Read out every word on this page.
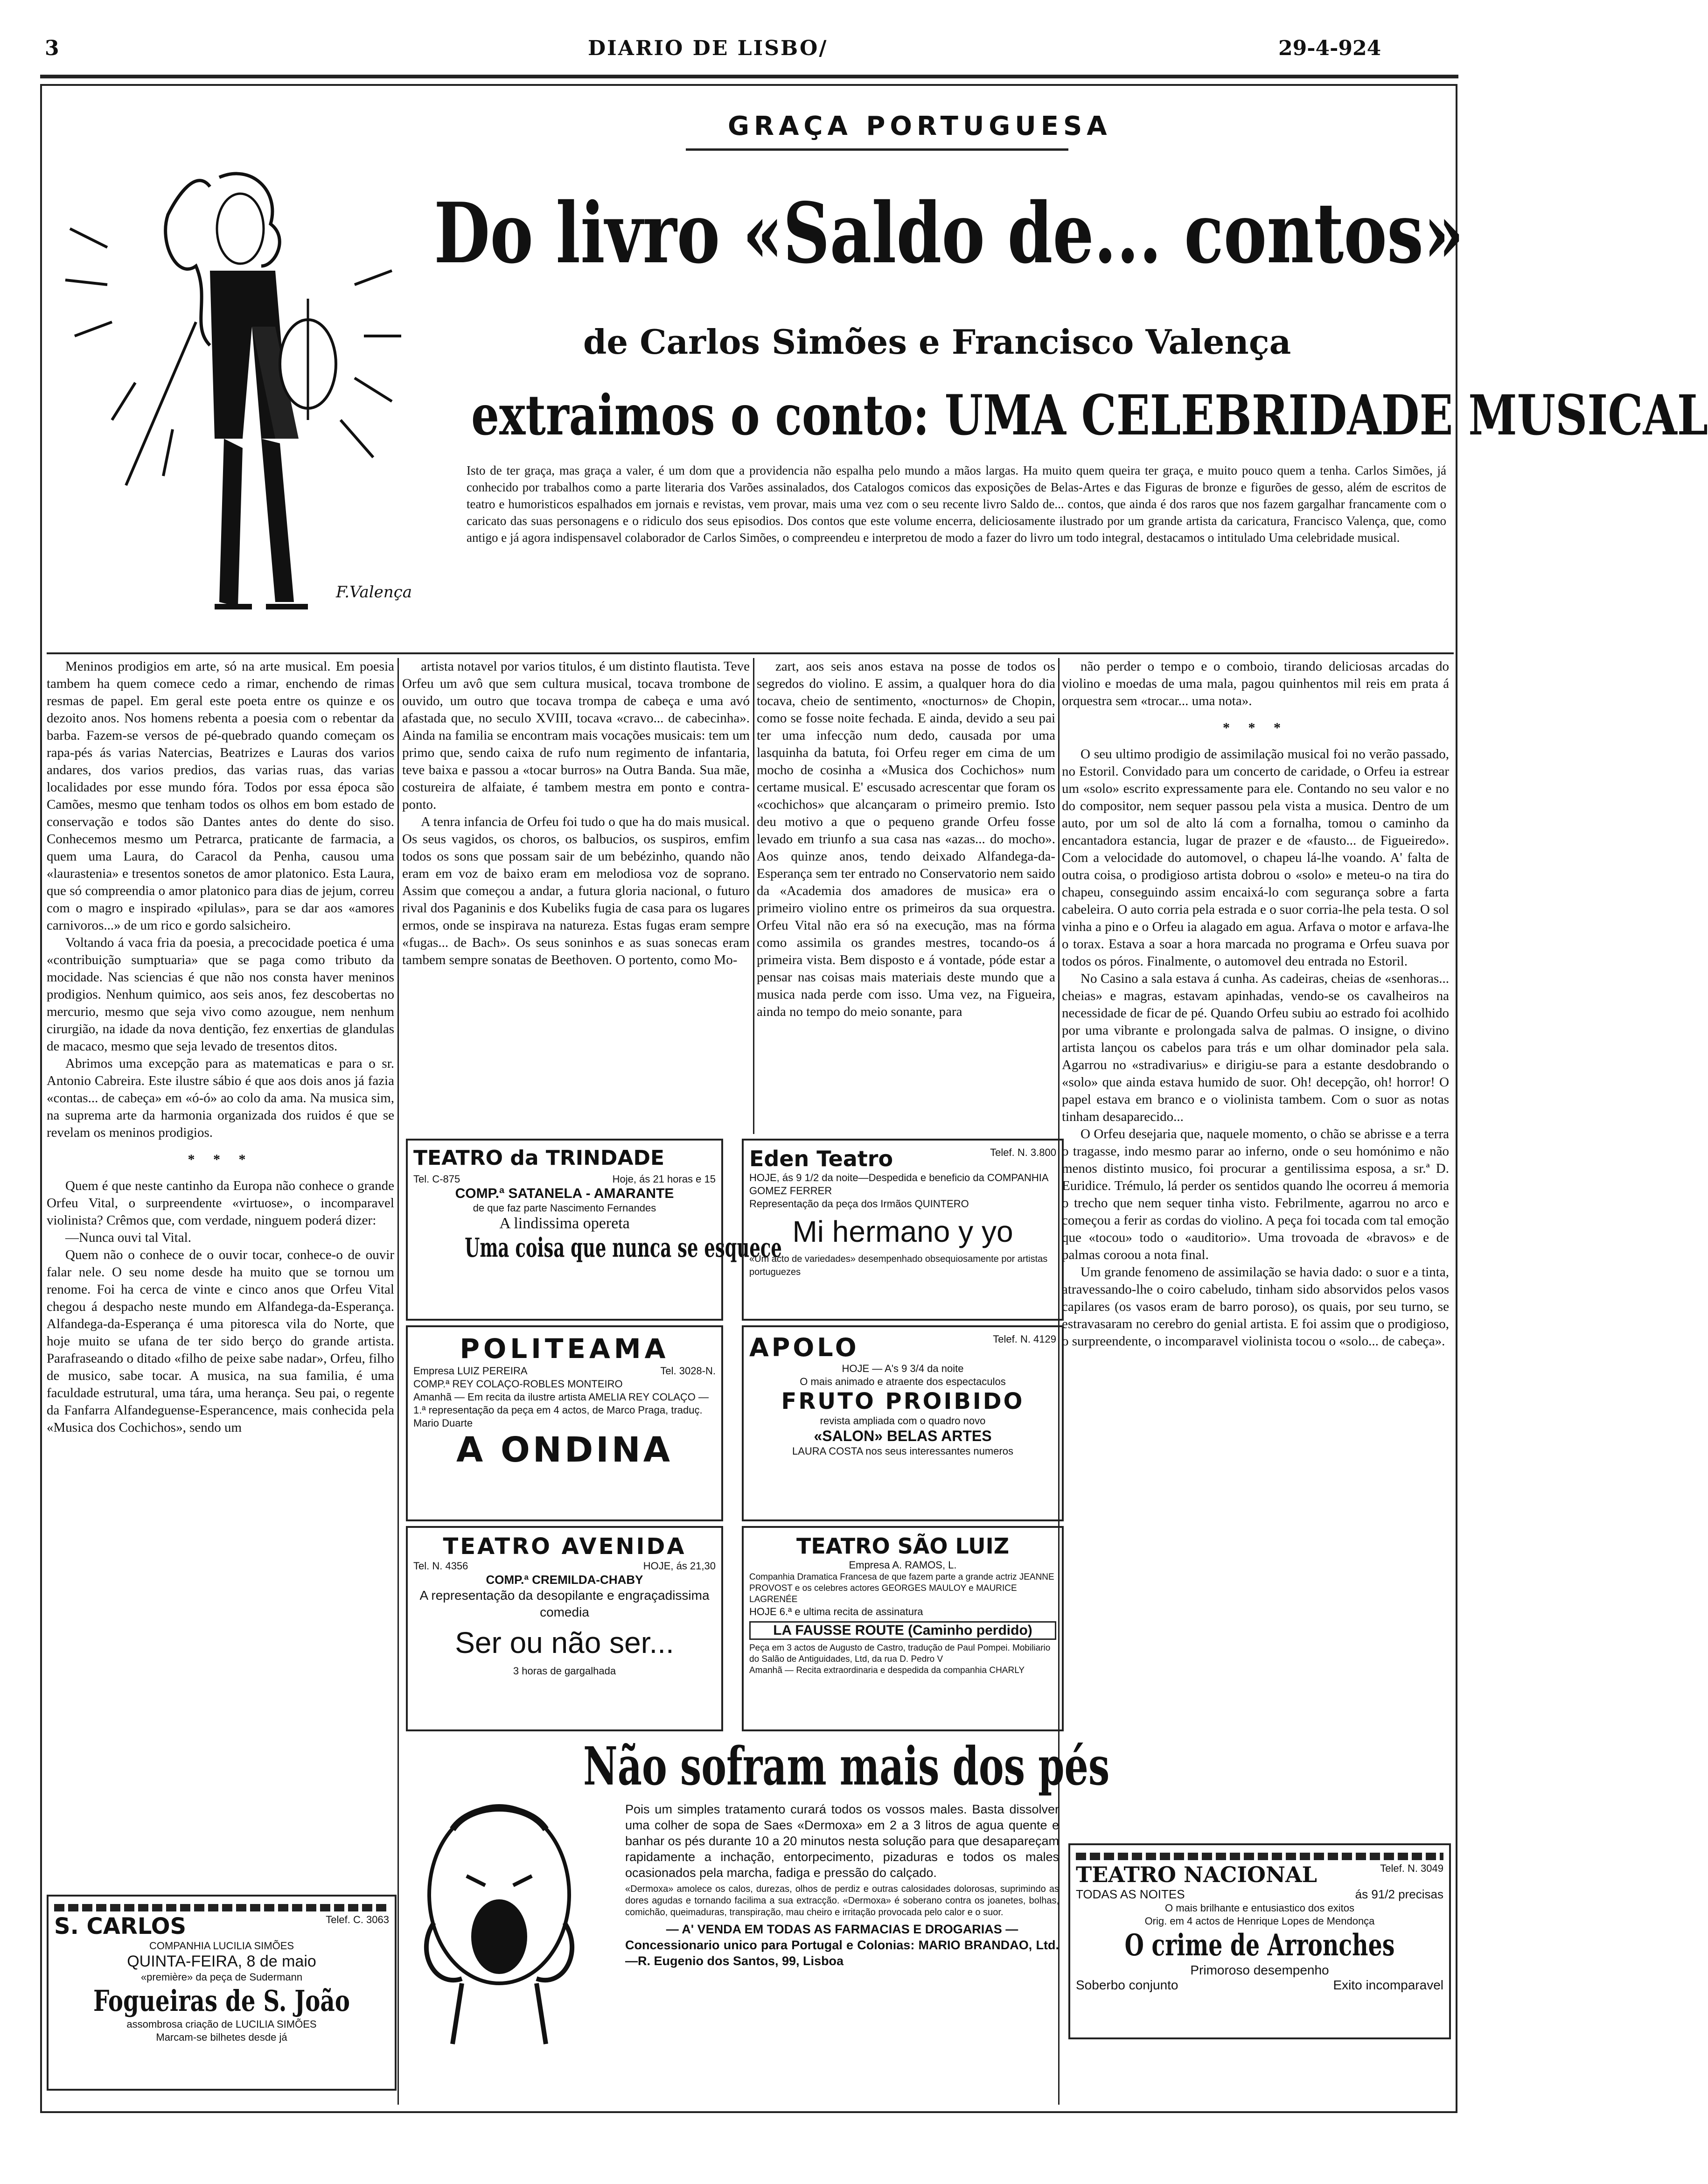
3	DIARIO DE LISBO/	29-4-924
GRAÇA PORTUGUESA
F.Valença
Do livro «Saldo de... contos»
de Carlos Simões e Francisco Valença
extraimos o conto: UMA CELEBRIDADE MUSICAL
Isto de ter graça, mas graça a valer, é um dom que a providencia não espalha pelo mundo a mãos largas. Ha muito quem queira ter graça, e muito pouco quem a tenha. Carlos Simões, já conhecido por trabalhos como a parte literaria dos Varões assinalados, dos Catalogos comicos das exposições de Belas-Artes e das Figuras de bronze e figurões de gesso, além de escritos de teatro e humoristicos espalhados em jornais e revistas, vem provar, mais uma vez com o seu recente livro Saldo de... contos, que ainda é dos raros que nos fazem gargalhar francamente com o caricato das suas personagens e o ridiculo dos seus episodios. Dos contos que este volume encerra, deliciosamente ilustrado por um grande artista da caricatura, Francisco Valença, que, como antigo e já agora indispensavel colaborador de Carlos Simões, o compreendeu e interpretou de modo a fazer do livro um todo integral, destacamos o intitulado Uma celebridade musical.

Meninos prodigios em arte, só na arte musical. Em poesia tambem ha quem comece cedo a rimar, enchendo de rimas resmas de papel. Em geral este poeta entre os quinze e os dezoito anos. Nos homens rebenta a poesia com o rebentar da barba. Fazem-se versos de pé-quebrado quando começam os rapa-pés ás varias Natercias, Beatrizes e Lauras dos varios andares, dos varios predios, das varias ruas, das varias localidades por esse mundo fóra. Todos por essa época são Camões, mesmo que tenham todos os olhos em bom estado de conservação e todos são Dantes antes do dente do siso. Conhecemos mesmo um Petrarca, praticante de farmacia, a quem uma Laura, do Caracol da Penha, causou uma «laurastenia» e tresentos sonetos de amor platonico. Esta Laura, que só compreendia o amor platonico para dias de jejum, correu com o magro e inspirado «pilulas», para se dar aos «amores carnivoros...» de um rico e gordo salsicheiro.

Voltando á vaca fria da poesia, a precocidade poetica é uma «contribuição sumptuaria» que se paga como tributo da mocidade. Nas sciencias é que não nos consta haver meninos prodigios. Nenhum quimico, aos seis anos, fez descobertas no mercurio, mesmo que seja vivo como azougue, nem nenhum cirurgião, na idade da nova dentição, fez enxertias de glandulas de macaco, mesmo que seja levado de tresentos ditos.

Abrimos uma excepção para as matematicas e para o sr. Antonio Cabreira. Este ilustre sábio é que aos dois anos já fazia «contas... de cabeça» em «ó-ó» ao colo da ama. Na musica sim, na suprema arte da harmonia organizada dos ruidos é que se revelam os meninos prodigios.

* * *

Quem é que neste cantinho da Europa não conhece o grande Orfeu Vital, o surpreendente «virtuose», o incomparavel violinista? Crêmos que, com verdade, ninguem poderá dizer:

—Nunca ouvi tal Vital.

Quem não o conhece de o ouvir tocar, conhece-o de ouvir falar nele. O seu nome desde ha muito que se tornou um renome. Foi ha cerca de vinte e cinco anos que Orfeu Vital chegou á despacho neste mundo em Alfandega-da-Esperança. Alfandega-da-Esperança é uma pitoresca vila do Norte, que hoje muito se ufana de ter sido berço do grande artista. Parafraseando o ditado «filho de peixe sabe nadar», Orfeu, filho de musico, sabe tocar. A musica, na sua familia, é uma faculdade estrutural, uma tára, uma herança. Seu pai, o regente da Fanfarra Alfandeguense-Esperancence, mais conhecida pela «Musica dos Cochichos», sendo um

artista notavel por varios titulos, é um distinto flautista. Teve Orfeu um avô que sem cultura musical, tocava trombone de ouvido, um outro que tocava trompa de cabeça e uma avó afastada que, no seculo XVIII, tocava «cravo... de cabecinha». Ainda na familia se encontram mais vocações musicais: tem um primo que, sendo caixa de rufo num regimento de infantaria, teve baixa e passou a «tocar burros» na Outra Banda. Sua mãe, costureira de alfaiate, é tambem mestra em ponto e contra-ponto.

A tenra infancia de Orfeu foi tudo o que ha do mais musical. Os seus vagidos, os choros, os balbucios, os suspiros, emfim todos os sons que possam sair de um bebézinho, quando não eram em voz de baixo eram em melodiosa voz de soprano. Assim que começou a andar, a futura gloria nacional, o futuro rival dos Paganinis e dos Kubeliks fugia de casa para os lugares ermos, onde se inspirava na natureza. Estas fugas eram sempre «fugas... de Bach». Os seus soninhos e as suas sonecas eram tambem sempre sonatas de Beethoven. O portento, como Mo-

zart, aos seis anos estava na posse de todos os segredos do violino. E assim, a qualquer hora do dia tocava, cheio de sentimento, «nocturnos» de Chopin, como se fosse noite fechada. E ainda, devido a seu pai ter uma infecção num dedo, causada por uma lasquinha da batuta, foi Orfeu reger em cima de um mocho de cosinha a «Musica dos Cochichos» num certame musical. E' escusado acrescentar que foram os «cochichos» que alcançaram o primeiro premio. Isto deu motivo a que o pequeno grande Orfeu fosse levado em triunfo a sua casa nas «azas... do mocho». Aos quinze anos, tendo deixado Alfandega-da-Esperança sem ter entrado no Conservatorio nem saido da «Academia dos amadores de musica» era o primeiro violino entre os primeiros da sua orquestra. Orfeu Vital não era só na execução, mas na fórma como assimila os grandes mestres, tocando-os á primeira vista. Bem disposto e á vontade, póde estar a pensar nas coisas mais materiais deste mundo que a musica nada perde com isso. Uma vez, na Figueira, ainda no tempo do meio sonante, para

não perder o tempo e o comboio, tirando deliciosas arcadas do violino e moedas de uma mala, pagou quinhentos mil reis em prata á orquestra sem «trocar... uma nota».

* * *

O seu ultimo prodigio de assimilação musical foi no verão passado, no Estoril. Convidado para um concerto de caridade, o Orfeu ia estrear um «solo» escrito expressamente para ele. Contando no seu valor e no do compositor, nem sequer passou pela vista a musica. Dentro de um auto, por um sol de alto lá com a fornalha, tomou o caminho da encantadora estancia, lugar de prazer e de «fausto... de Figueiredo». Com a velocidade do automovel, o chapeu lá-lhe voando. A' falta de outra coisa, o prodigioso artista dobrou o «solo» e meteu-o na tira do chapeu, conseguindo assim encaixá-lo com segurança sobre a farta cabeleira. O auto corria pela estrada e o suor corria-lhe pela testa. O sol vinha a pino e o Orfeu ia alagado em agua. Arfava o motor e arfava-lhe o torax. Estava a soar a hora marcada no programa e Orfeu suava por todos os póros. Finalmente, o automovel deu entrada no Estoril.

No Casino a sala estava á cunha. As cadeiras, cheias de «senhoras... cheias» e magras, estavam apinhadas, vendo-se os cavalheiros na necessidade de ficar de pé. Quando Orfeu subiu ao estrado foi acolhido por uma vibrante e prolongada salva de palmas. O insigne, o divino artista lançou os cabelos para trás e um olhar dominador pela sala. Agarrou no «stradivarius» e dirigiu-se para a estante desdobrando o «solo» que ainda estava humido de suor. Oh! decepção, oh! horror! O papel estava em branco e o violinista tambem. Com o suor as notas tinham desaparecido...

O Orfeu desejaria que, naquele momento, o chão se abrisse e a terra o tragasse, indo mesmo parar ao inferno, onde o seu homónimo e não menos distinto musico, foi procurar a gentilissima esposa, a sr.ª D. Euridice. Trémulo, lá perder os sentidos quando lhe ocorreu á memoria o trecho que nem sequer tinha visto. Febrilmente, agarrou no arco e começou a ferir as cordas do violino. A peça foi tocada com tal emoção que «tocou» todo o «auditorio». Uma trovoada de «bravos» e de palmas coroou a nota final.

Um grande fenomeno de assimilação se havia dado: o suor e a tinta, atravessando-lhe o coiro cabeludo, tinham sido absorvidos pelos vasos capilares (os vasos eram de barro poroso), os quais, por seu turno, se estravasaram no cerebro do genial artista. E foi assim que o prodigioso, o surpreendente, o incomparavel violinista tocou o «solo... de cabeça».

TEATRO da TRINDADE
Tel. C-875	Hoje, ás 21 horas e 15
COMP.ª SATANELA - AMARANTE
de que faz parte Nascimento Fernandes
A lindissima opereta
Uma coisa que nunca se esquece
Eden Teatro	Telef. N. 3.800
HOJE, ás 9 1/2 da noite—Despedida e beneficio da COMPANHIA GOMEZ FERRER
Representação da peça dos Irmãos QUINTERO
Mi hermano y yo
«Um acto de variedades» desempenhado obsequiosamente por artistas portuguezes
POLITEAMA
Empresa LUIZ PEREIRA	Tel. 3028-N.
COMP.ª REY COLAÇO-ROBLES MONTEIRO
Amanhã — Em recita da ilustre artista AMELIA REY COLAÇO — 1.ª representação da peça em 4 actos, de Marco Praga, traduç. Mario Duarte
A ONDINA
APOLO	Telef. N. 4129
HOJE — A's 9 3/4 da noite
O mais animado e atraente dos espectaculos
FRUTO PROIBIDO
revista ampliada com o quadro novo
«SALON» BELAS ARTES
LAURA COSTA nos seus interessantes numeros
TEATRO AVENIDA
Tel. N. 4356	HOJE, ás 21,30
COMP.ª CREMILDA-CHABY
A representação da desopilante e engraçadissima comedia
Ser ou não ser...
3 horas de gargalhada
TEATRO SÃO LUIZ
Empresa A. RAMOS, L.
Companhia Dramatica Francesa de que fazem parte a grande actriz JEANNE PROVOST e os celebres actores GEORGES MAULOY e MAURICE LAGRENÉE
HOJE 6.ª e ultima recita de assinatura
LA FAUSSE ROUTE (Caminho perdido)
Peça em 3 actos de Augusto de Castro, tradução de Paul Pompei. Mobiliario do Salão de Antiguidades, Ltd, da rua D. Pedro V
Amanhã — Recita extraordinaria e despedida da companhia CHARLY
Não sofram mais dos pés
Pois um simples tratamento curará todos os vossos males. Basta dissolver uma colher de sopa de Saes «Dermoxa» em 2 a 3 litros de agua quente e banhar os pés durante 10 a 20 minutos nesta solução para que desapareçam rapidamente a inchação, entorpecimento, pizaduras e todos os males ocasionados pela marcha, fadiga e pressão do calçado.
«Dermoxa» amolece os calos, durezas, olhos de perdiz e outras calosidades dolorosas, suprimindo as dores agudas e tornando facilima a sua extracção. «Dermoxa» é soberano contra os joanetes, bolhas, comichão, queimaduras, transpiração, mau cheiro e irritação provocada pelo calor e o suor.
— A' VENDA EM TODAS AS FARMACIAS E DROGARIAS —
Concessionario unico para Portugal e Colonias: MARIO BRANDAO, Ltd.—R. Eugenio dos Santos, 99, Lisboa
S. CARLOS	Telef. C. 3063
COMPANHIA LUCILIA SIMÕES
QUINTA-FEIRA, 8 de maio
«première» da peça de Sudermann
Fogueiras de S. João
assombrosa criação de LUCILIA SIMÕES
Marcam-se bilhetes desde já
TEATRO NACIONAL	Telef. N. 3049
TODAS AS NOITES	ás 91/2 precisas
O mais brilhante e entusiastico dos exitos
Orig. em 4 actos de Henrique Lopes de Mendonça
O crime de Arronches
Primoroso desempenho
Soberbo conjunto	Exito incomparavel
